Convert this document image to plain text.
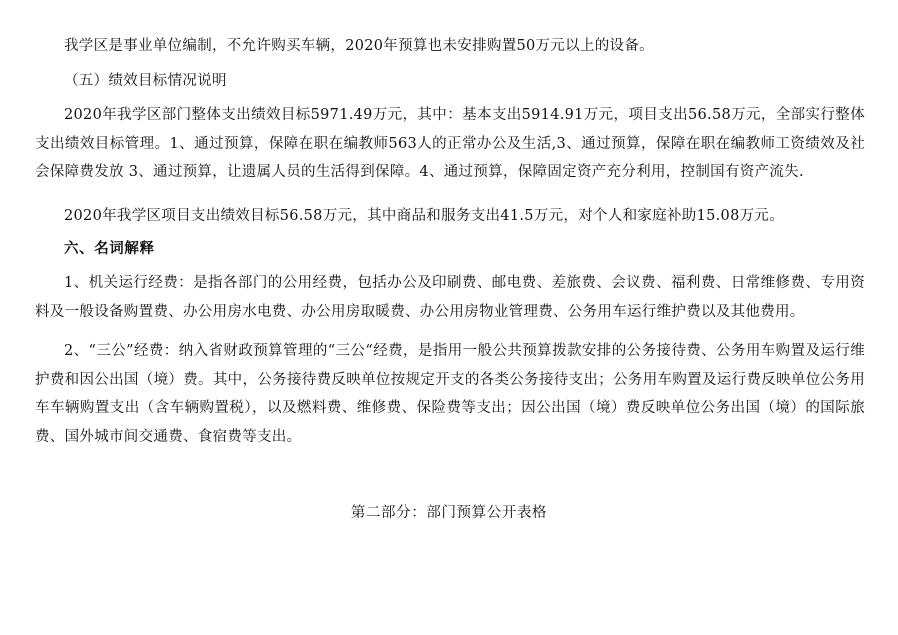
我学区是事业单位编制，不允许购买车辆，2020年预算也未安排购置50万元以上的设备。

（五）绩效目标情况说明

2020年我学区部门整体支出绩效目标5971.49万元，其中：基本支出5914.91万元，项目支出56.58万元，全部实行整体支出绩效目标管理。1、通过预算，保障在职在编教师563人的正常办公及生活,3、通过预算，保障在职在编教师工资绩效及社会保障费发放 3、通过预算，让遗属人员的生活得到保障。4、通过预算，保障固定资产充分利用，控制国有资产流失.

2020年我学区项目支出绩效目标56.58万元，其中商品和服务支出41.5万元，对个人和家庭补助15.08万元。

六、名词解释

1、机关运行经费：是指各部门的公用经费，包括办公及印刷费、邮电费、差旅费、会议费、福利费、日常维修费、专用资料及一般设备购置费、办公用房水电费、办公用房取暖费、办公用房物业管理费、公务用车运行维护费以及其他费用。

2、“三公”经费：纳入省财政预算管理的“三公“经费，是指用一般公共预算拨款安排的公务接待费、公务用车购置及运行维护费和因公出国（境）费。其中，公务接待费反映单位按规定开支的各类公务接待支出；公务用车购置及运行费反映单位公务用车车辆购置支出（含车辆购置税），以及燃料费、维修费、保险费等支出；因公出国（境）费反映单位公务出国（境）的国际旅费、国外城市间交通费、食宿费等支出。

第二部分：部门预算公开表格
